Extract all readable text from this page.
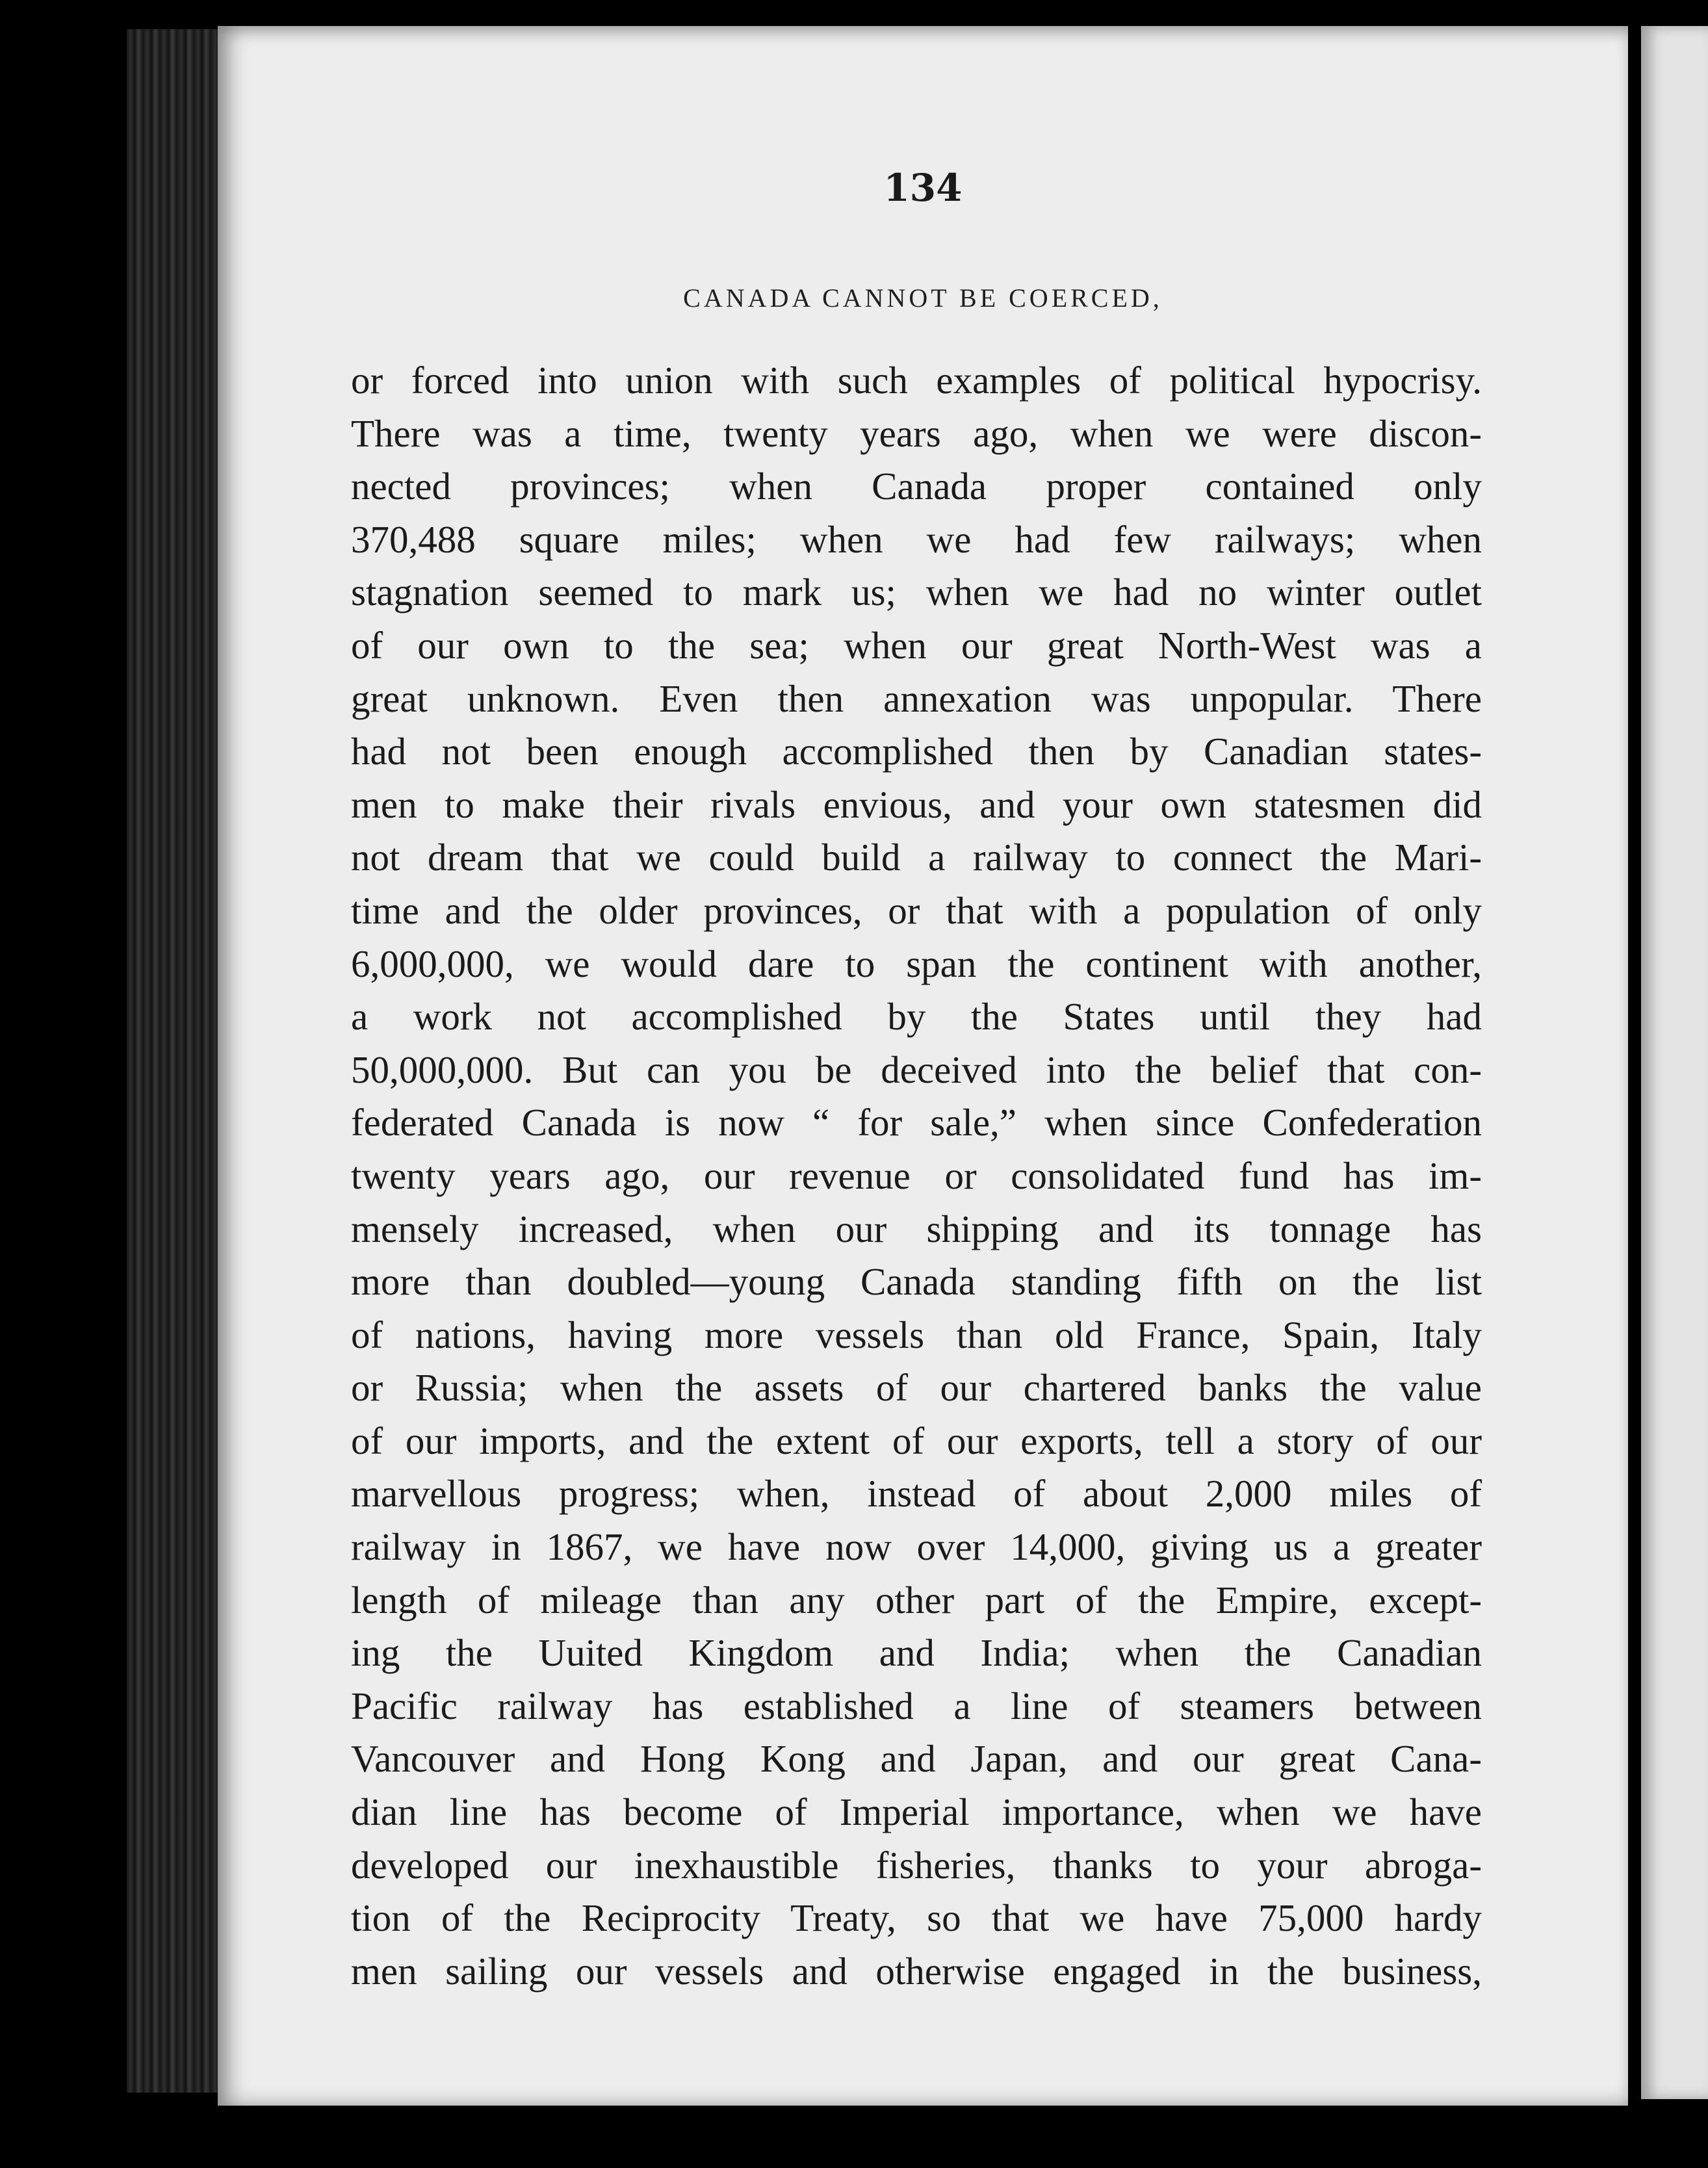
134
CANADA CANNOT BE COERCED,
or forced into union with such examples of political hypocrisy.
There was a time, twenty years ago, when we were discon-
nected provinces; when Canada proper contained only
370,488 square miles; when we had few railways; when
stagnation seemed to mark us; when we had no winter outlet
of our own to the sea; when our great North-West was a
great unknown. Even then annexation was unpopular. There
had not been enough accomplished then by Canadian states-
men to make their rivals envious, and your own statesmen did
not dream that we could build a railway to connect the Mari-
time and the older provinces, or that with a population of only
6,000,000, we would dare to span the continent with another,
a work not accomplished by the States until they had
50,000,000. But can you be deceived into the belief that con-
federated Canada is now “ for sale,” when since Confederation
twenty years ago, our revenue or consolidated fund has im-
mensely increased, when our shipping and its tonnage has
more than doubled—young Canada standing fifth on the list
of nations, having more vessels than old France, Spain, Italy
or Russia; when the assets of our chartered banks the value
of our imports, and the extent of our exports, tell a story of our
marvellous progress; when, instead of about 2,000 miles of
railway in 1867, we have now over 14,000, giving us a greater
length of mileage than any other part of the Empire, except-
ing the Uuited Kingdom and India; when the Canadian
Pacific railway has established a line of steamers between
Vancouver and Hong Kong and Japan, and our great Cana-
dian line has become of Imperial importance, when we have
developed our inexhaustible fisheries, thanks to your abroga-
tion of the Reciprocity Treaty, so that we have 75,000 hardy
men sailing our vessels and otherwise engaged in the business,
